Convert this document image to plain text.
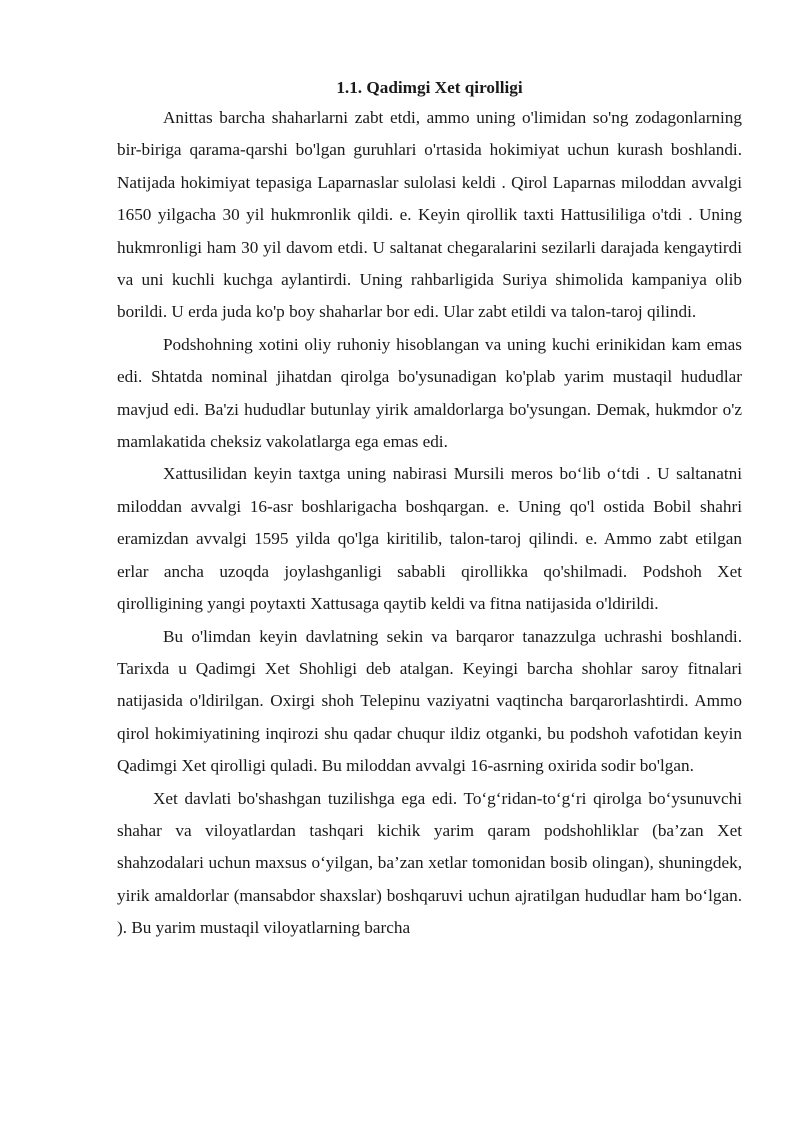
1.1. Qadimgi Xet qirolligi

Anittas barcha shaharlarni zabt etdi, ammo uning o'limidan so'ng zodagonlarning bir-biriga qarama-qarshi bo'lgan guruhlari o'rtasida hokimiyat uchun kurash boshlandi. Natijada hokimiyat tepasiga Laparnaslar sulolasi keldi . Qirol Laparnas miloddan avvalgi 1650 yilgacha 30 yil hukmronlik qildi. e. Keyin qirollik taxti Hattusililiga o'tdi . Uning hukmronligi ham 30 yil davom etdi. U saltanat chegaralarini sezilarli darajada kengaytirdi va uni kuchli kuchga aylantirdi. Uning rahbarligida Suriya shimolida kampaniya olib borildi. U erda juda ko'p boy shaharlar bor edi. Ular zabt etildi va talon-taroj qilindi.

Podshohning xotini oliy ruhoniy hisoblangan va uning kuchi erinikidan kam emas edi. Shtatda nominal jihatdan qirolga bo'ysunadigan ko'plab yarim mustaqil hududlar mavjud edi. Ba'zi hududlar butunlay yirik amaldorlarga bo'ysungan. Demak, hukmdor o'z mamlakatida cheksiz vakolatlarga ega emas edi.

Xattusilidan keyin taxtga uning nabirasi Mursili meros bo‘lib o‘tdi . U saltanatni miloddan avvalgi 16-asr boshlarigacha boshqargan. e. Uning qo'l ostida Bobil shahri eramizdan avvalgi 1595 yilda qo'lga kiritilib, talon-taroj qilindi. e. Ammo zabt etilgan erlar ancha uzoqda joylashganligi sababli qirollikka qo'shilmadi. Podshoh Xet qirolligining yangi poytaxti Xattusaga qaytib keldi va fitna natijasida o'ldirildi.

Bu o'limdan keyin davlatning sekin va barqaror tanazzulga uchrashi boshlandi. Tarixda u Qadimgi Xet Shohligi deb atalgan. Keyingi barcha shohlar saroy fitnalari natijasida o'ldirilgan. Oxirgi shoh Telepinu vaziyatni vaqtincha barqarorlashtirdi. Ammo qirol hokimiyatining inqirozi shu qadar chuqur ildiz otganki, bu podshoh vafotidan keyin Qadimgi Xet qirolligi quladi. Bu miloddan avvalgi 16-asrning oxirida sodir bo'lgan.

Xet davlati bo'shashgan tuzilishga ega edi. To‘g‘ridan-to‘g‘ri qirolga bo‘ysunuvchi shahar va viloyatlardan tashqari kichik yarim qaram podshohliklar (ba’zan Xet shahzodalari uchun maxsus o‘yilgan, ba’zan xetlar tomonidan bosib olingan), shuningdek, yirik amaldorlar (mansabdor shaxslar) boshqaruvi uchun ajratilgan hududlar ham bo‘lgan. ). Bu yarim mustaqil viloyatlarning barcha
